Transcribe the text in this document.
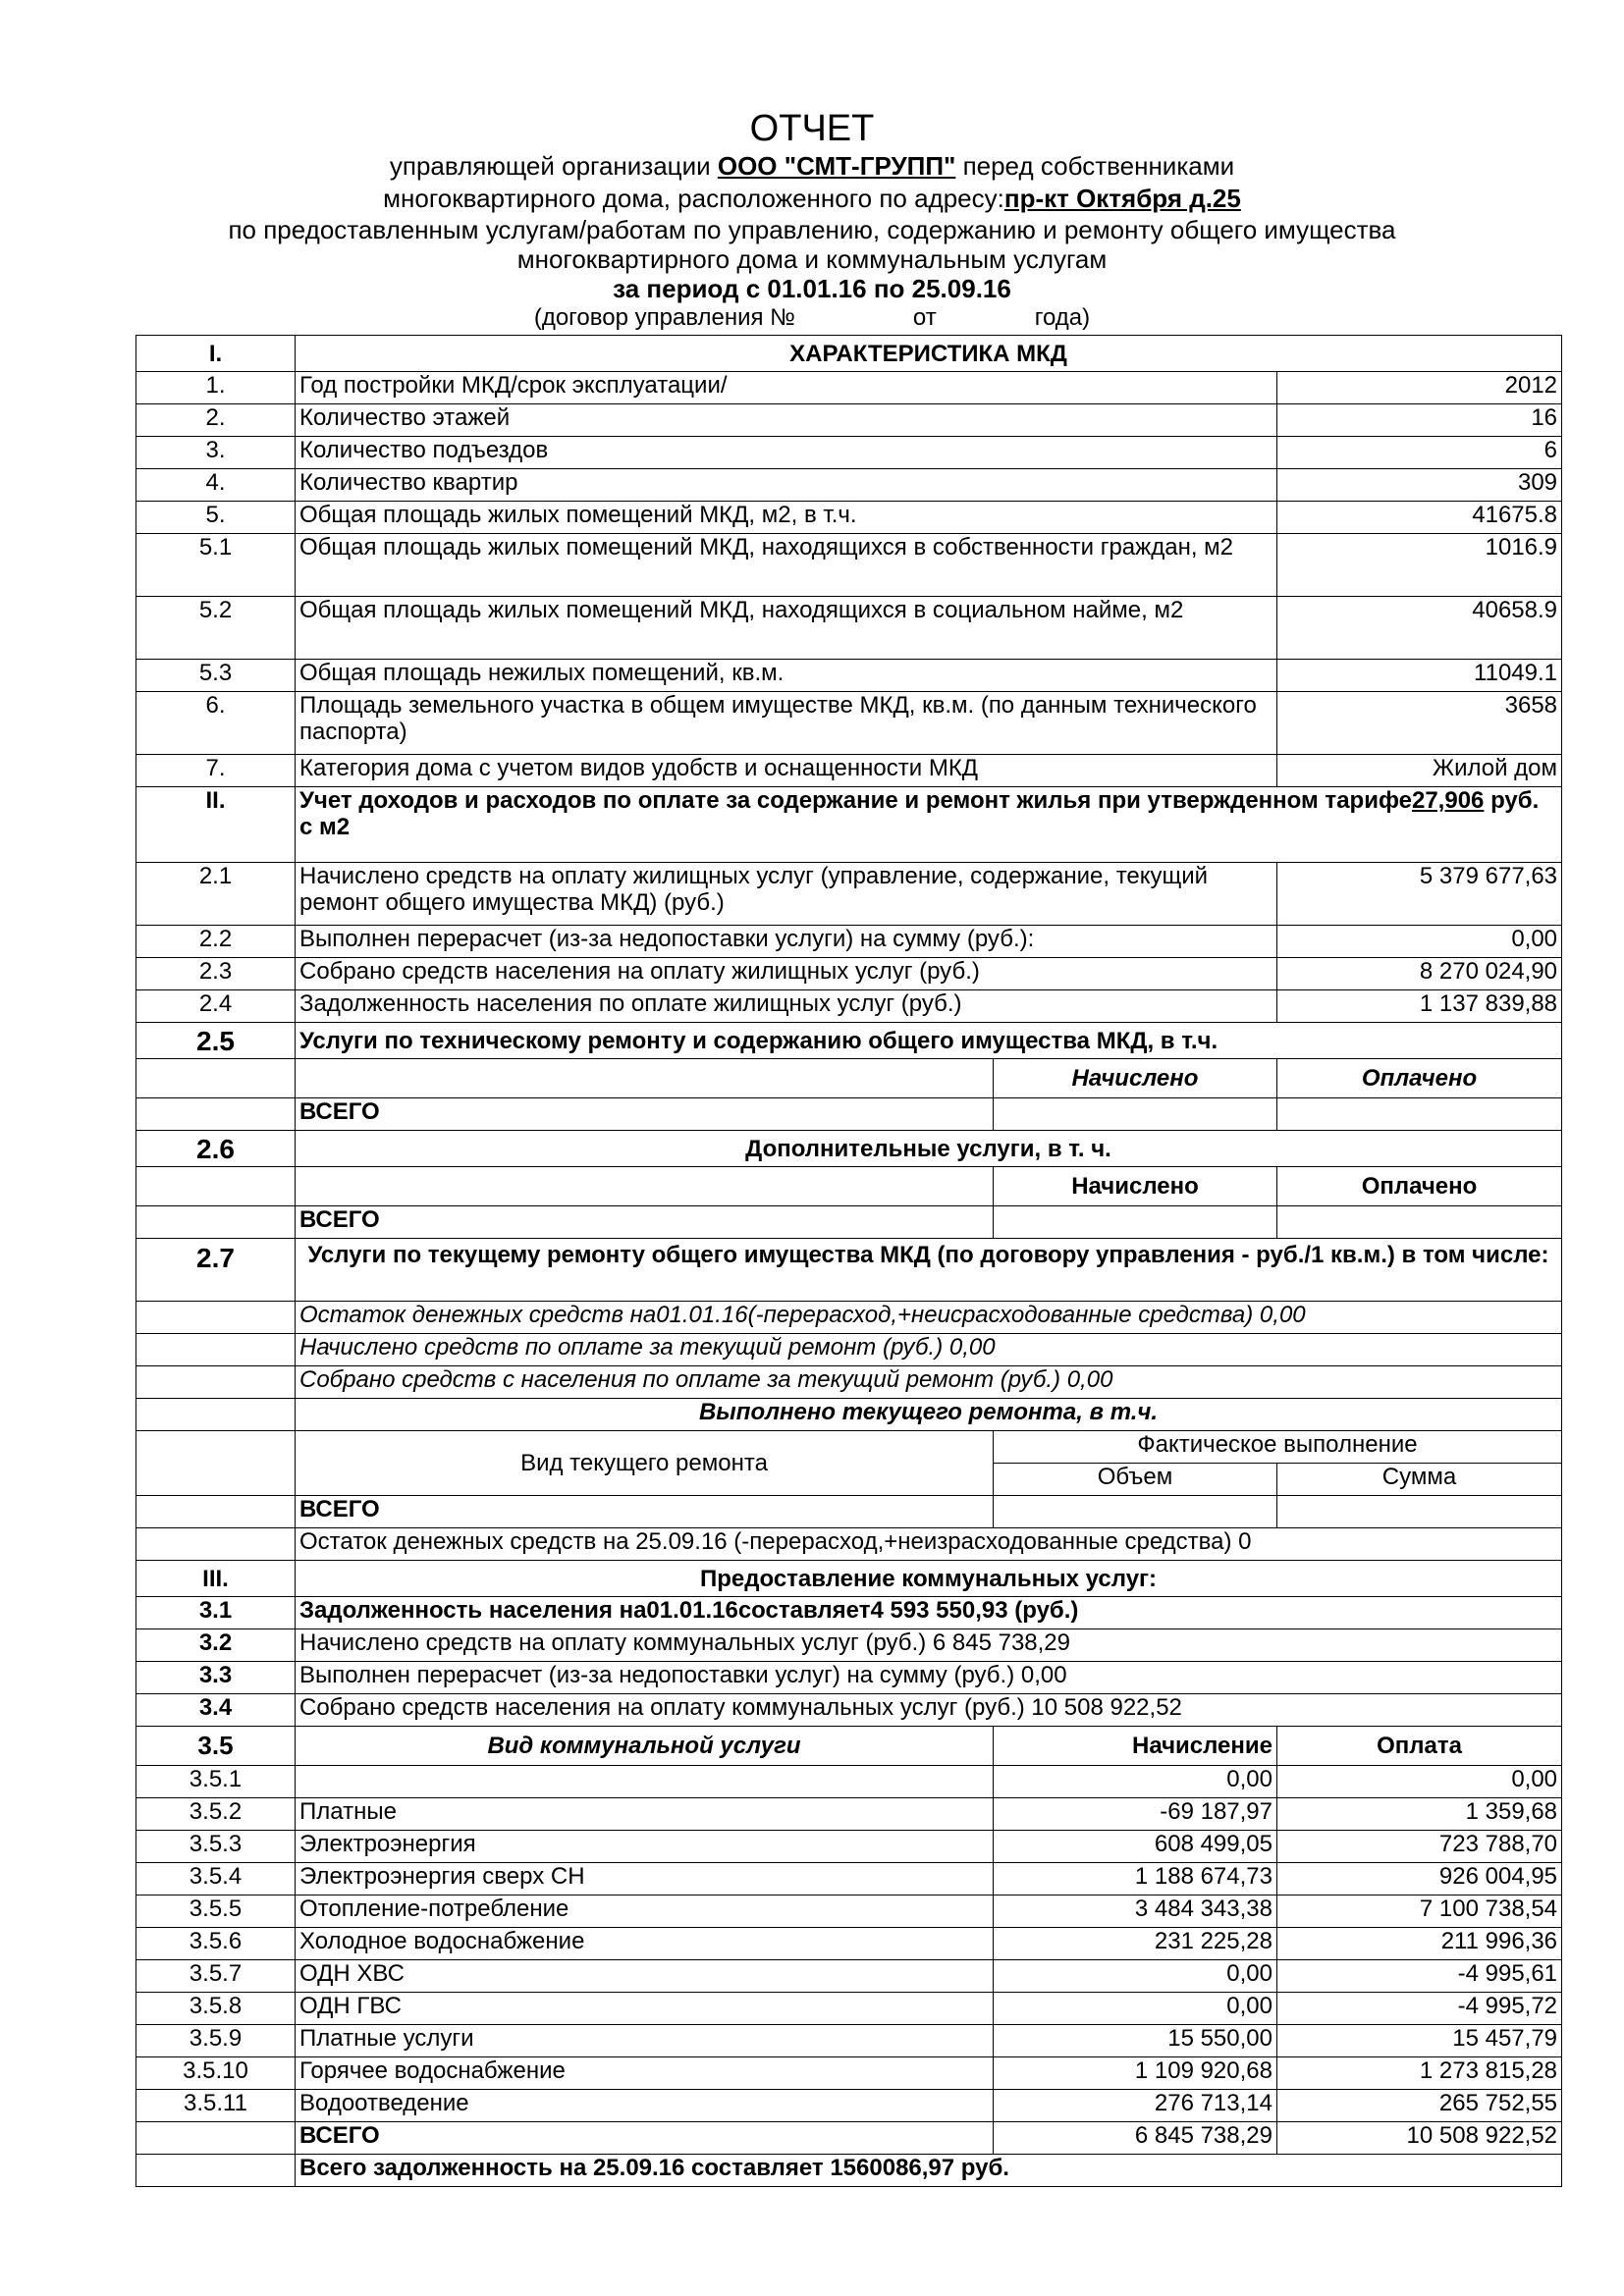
ОТЧЕТ
управляющей организации ООО "СМТ-ГРУПП" перед собственниками
многоквартирного дома, расположенного по адресу:пр-кт Октября д.25
по предоставленным услугам/работам по управлению, содержанию и ремонту общего имущества
многоквартирного дома и коммунальным услугам
за период с 01.01.16 по 25.09.16
(договор управления №                  от               года)
I.	ХАРАКТЕРИСТИКА МКД		
1.	Год постройки МКД/срок эксплуатации/		2012
2.	Количество этажей		16
3.	Количество подъездов		6
4.	Количество квартир		309
5.	Общая площадь жилых помещений МКД, м2, в т.ч.		41675.8
5.1	Общая площадь жилых помещений МКД, находящихся в собственности граждан, м2		1016.9
5.2	Общая площадь жилых помещений МКД, находящихся в социальном найме, м2		40658.9
5.3	Общая площадь нежилых помещений, кв.м.		11049.1
6.	Площадь земельного участка в общем имуществе МКД, кв.м. (по данным технического паспорта)		3658
7.	Категория дома с учетом видов удобств и оснащенности МКД		Жилой дом
II.	Учет доходов и расходов по оплате за содержание и ремонт жилья при утвержденном тарифе27,906 руб. с м2		
2.1	Начислено средств на оплату жилищных услуг (управление, содержание, текущий ремонт общего имущества МКД) (руб.)		5 379 677,63
2.2	Выполнен перерасчет (из-за недопоставки услуги) на сумму (руб.):		0,00
2.3	Собрано средств населения на оплату жилищных услуг (руб.)		8 270 024,90
2.4	Задолженность населения по оплате жилищных услуг (руб.)		1 137 839,88
2.5	Услуги по техническому ремонту и содержанию общего имущества МКД, в т.ч.		
		Начислено	Оплачено
	ВСЕГО		
2.6	Дополнительные услуги, в т. ч.		
		Начислено	Оплачено
	ВСЕГО		
2.7	Услуги по текущему ремонту общего имущества МКД (по договору управления - руб./1 кв.м.) в том числе:		
	Остаток денежных средств на01.01.16(-перерасход,+неисрасходованные средства) 0,00		
	Начислено средств по оплате за текущий ремонт (руб.) 0,00		
	Собрано средств с населения по оплате за текущий ремонт (руб.) 0,00		
	Выполнено текущего ремонта, в т.ч.		
	Вид текущего ремонта	Фактическое выполнение	
		Объем	Сумма
	ВСЕГО		
	Остаток денежных средств на 25.09.16 (-перерасход,+неизрасходованные средства) 0		
III.	Предоставление коммунальных услуг:		
3.1	Задолженность населения на01.01.16составляет4 593 550,93 (руб.)		
3.2	Начислено средств на оплату коммунальных услуг (руб.) 6 845 738,29		
3.3	Выполнен перерасчет (из-за недопоставки услуг) на сумму (руб.) 0,00		
3.4	Собрано средств населения на оплату коммунальных услуг (руб.) 10 508 922,52		
3.5	Вид коммунальной услуги	Начисление	Оплата
3.5.1		0,00	0,00
3.5.2	Платные	-69 187,97	1 359,68
3.5.3	Электроэнергия	608 499,05	723 788,70
3.5.4	Электроэнергия сверх СН	1 188 674,73	926 004,95
3.5.5	Отопление-потребление	3 484 343,38	7 100 738,54
3.5.6	Холодное водоснабжение	231 225,28	211 996,36
3.5.7	ОДН ХВС	0,00	-4 995,61
3.5.8	ОДН ГВС	0,00	-4 995,72
3.5.9	Платные услуги	15 550,00	15 457,79
3.5.10	Горячее водоснабжение	1 109 920,68	1 273 815,28
3.5.11	Водоотведение	276 713,14	265 752,55
	ВСЕГО	6 845 738,29	10 508 922,52
	Всего задолженность на 25.09.16 составляет 1560086,97 руб.		
